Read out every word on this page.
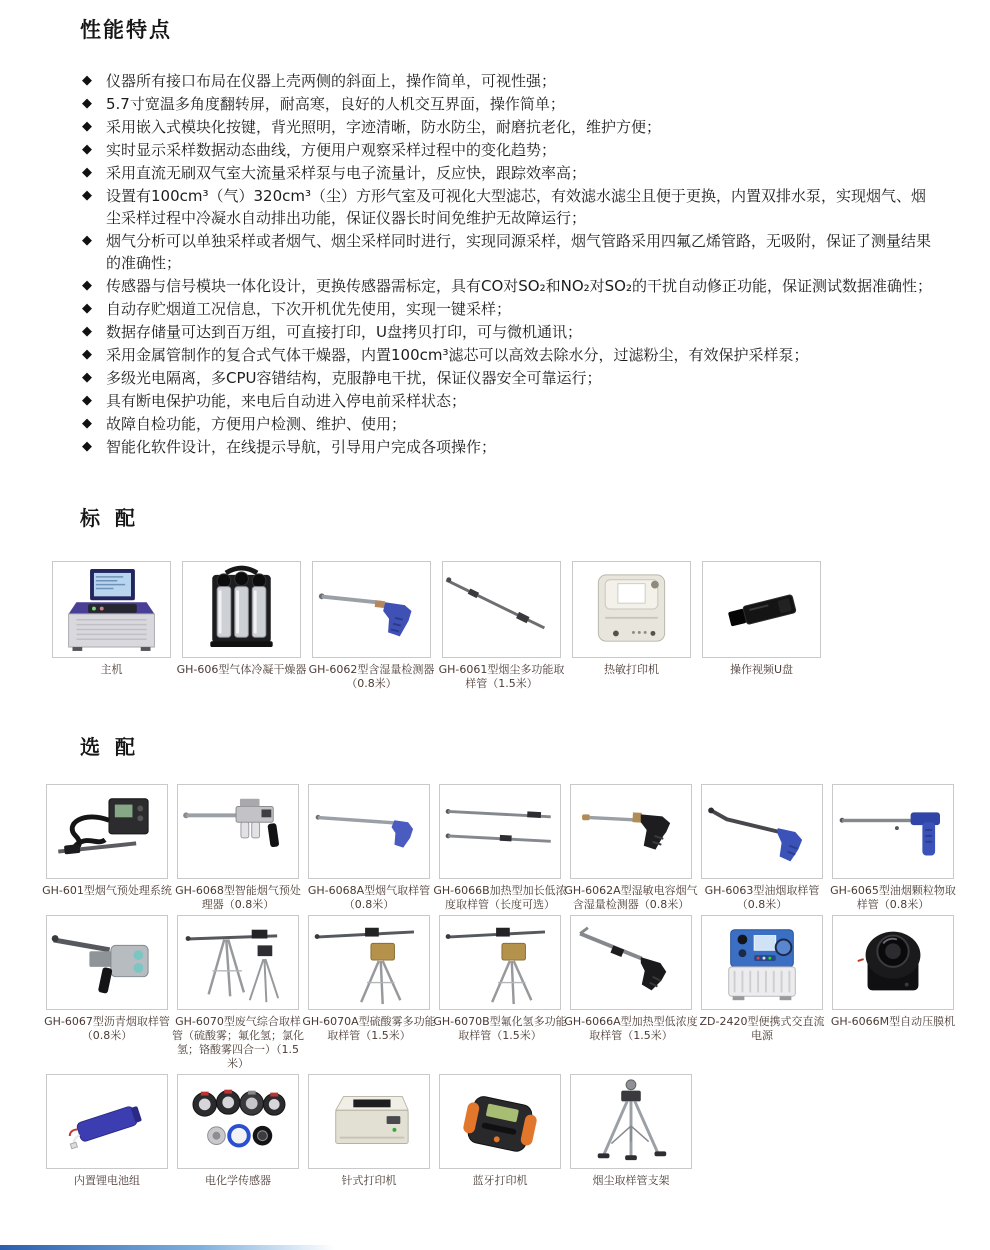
性能特点
◆ 仪器所有接口布局在仪器上壳两侧的斜面上，操作简单，可视性强；
◆ 5.7寸宽温多角度翻转屏，耐高寒，良好的人机交互界面，操作简单；
◆ 采用嵌入式模块化按键，背光照明，字迹清晰，防水防尘，耐磨抗老化，维护方便；
◆ 实时显示采样数据动态曲线，方便用户观察采样过程中的变化趋势；
◆ 采用直流无刷双气室大流量采样泵与电子流量计，反应快，跟踪效率高；
◆ 设置有100cm³（气）320cm³（尘）方形气室及可视化大型滤芯，有效滤水滤尘且便于更换，内置双排水泵，实现烟气、烟尘采样过程中冷凝水自动排出功能，保证仪器长时间免维护无故障运行；
◆ 烟气分析可以单独采样或者烟气、烟尘采样同时进行，实现同源采样，烟气管路采用四氟乙烯管路，无吸附，保证了测量结果的准确性；
◆ 传感器与信号模块一体化设计，更换传感器需标定，具有CO对SO₂和NO₂对SO₂的干扰自动修正功能，保证测试数据准确性；
◆ 自动存贮烟道工况信息，下次开机优先使用，实现一键采样；
◆ 数据存储量可达到百万组，可直接打印，U盘拷贝打印，可与微机通讯；
◆ 采用金属管制作的复合式气体干燥器，内置100cm³滤芯可以高效去除水分，过滤粉尘，有效保护采样泵；
◆ 多级光电隔离，多CPU容错结构，克服静电干扰，保证仪器安全可靠运行；
◆ 具有断电保护功能，来电后自动进入停电前采样状态；
◆ 故障自检功能，方便用户检测、维护、使用；
◆ 智能化软件设计，在线提示导航，引导用户完成各项操作；
标 配
主机	GH-606型气体冷凝干燥器 GH-6062型含湿量检测器（0.8米）
GH-6061型烟尘多功能取样管（1.5米）
热敏打印机	操作视频U盘
选 配
GH-601型烟气预处理系统 GH-6068型智能烟气预处理器（0.8米）
GH-6068A型烟气取样管（0.8米）
GH-6066B加热型加长低浓度取样管（长度可选）
GH-6062A型湿敏电容烟气含湿量检测器（0.8米）
GH-6063型油烟取样管（0.8米）
GH-6065型油烟颗粒物取样管（0.8米）
GH-6067型沥青烟取样管（0.8米）
GH-6070型废气综合取样管（硫酸雾；氟化氢；氯化氢；铬酸雾四合一）（1.5米）
GH-6070A型硫酸雾多功能取样管（1.5米）
GH-6070B型氟化氢多功能取样管（1.5米）
GH-6066A型加热型低浓度取样管（1.5米）
ZD-2420型便携式交直流电源
GH-6066M型自动压膜机
内置锂电池组	电化学传感器	针式打印机	蓝牙打印机	烟尘取样管支架
